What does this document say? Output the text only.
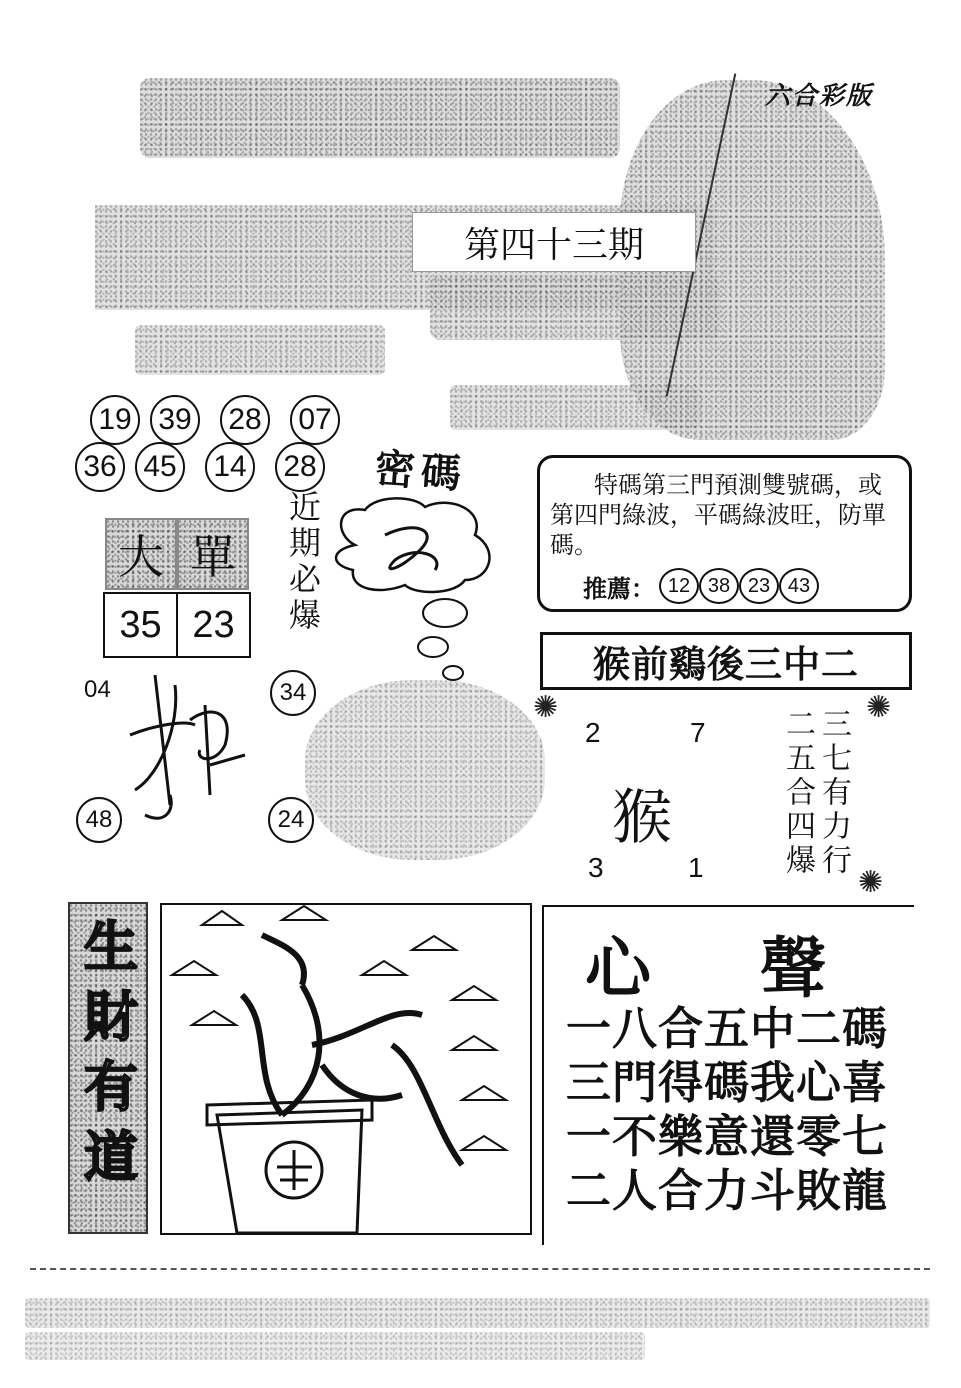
六合彩版
第四十三期
19 39 28 07
36 45 14 28 密碼
大 單
35 23	近期必爆
04	34
48	24
特碼第三門預測雙號碼，或第四門綠波，平碼綠波旺，防單碼。
推薦： 12 38 23 43
猴前鷄後三中二
✺	✺
✺
2	7
3	1
猴	二五合四爆 三七有力行
生財有道	心 聲
一八合五中二碼
三門得碼我心喜
一不樂意還零七
二人合力斗敗龍
